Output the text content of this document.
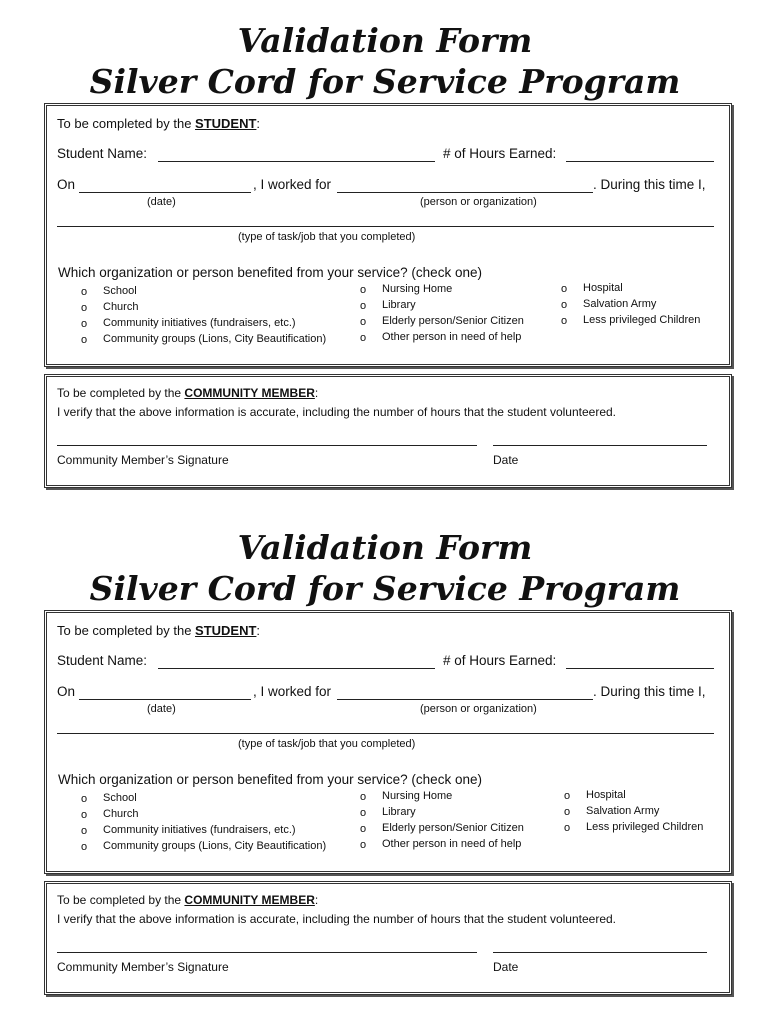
Validation Form
Silver Cord for Service Program
To be completed by the STUDENT:
Student Name:	# of Hours Earned:
On	, I worked for	. During this time I,
(date)	(person or organization)
(type of task/job that you completed)
Which organization or person benefited from your service? (check one)
o School
o Church
o Community initiatives (fundraisers, etc.)
o Community groups (Lions, City Beautification)
o Nursing Home
o Library
o Elderly person/Senior Citizen
o Other person in need of help
o Hospital
o Salvation Army
o Less privileged Children
To be completed by the COMMUNITY MEMBER:
I verify that the above information is accurate, including the number of hours that the student volunteered.
Community Member’s Signature	Date
Validation Form
Silver Cord for Service Program
To be completed by the STUDENT:
Student Name:	# of Hours Earned:
On	, I worked for	. During this time I,
(date)	(person or organization)
(type of task/job that you completed)
Which organization or person benefited from your service? (check one)
o School
o Church
o Community initiatives (fundraisers, etc.)
o Community groups (Lions, City Beautification)
o Nursing Home
o Library
o Elderly person/Senior Citizen
o Other person in need of help
o Hospital
o Salvation Army
o Less privileged Children
To be completed by the COMMUNITY MEMBER:
I verify that the above information is accurate, including the number of hours that the student volunteered.
Community Member’s Signature	Date
